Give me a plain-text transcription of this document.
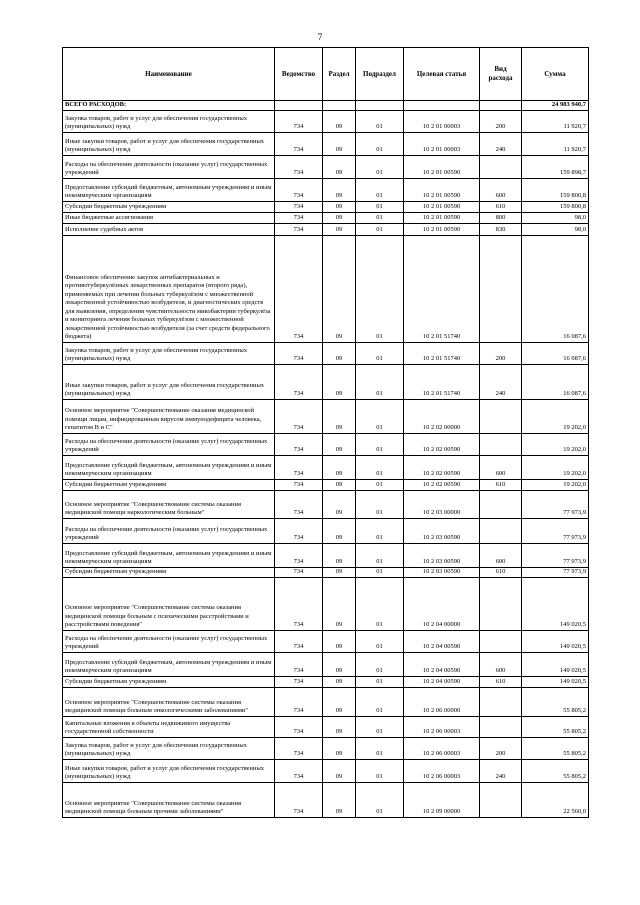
7
Наименование	Ведомство	Раздел	Подраздел	Целевая статья	Вид расхода	Сумма
ВСЕГО РАСХОДОВ:						24 983 940,7
Закупка товаров, работ и услуг для обеспечения государственных (муниципальных) нужд	734	09	01	10 2 01 00003	200	11 920,7
Иные закупки товаров, работ и услуг для обеспечения государственных (муниципальных) нужд	734	09	01	10 2 01 00003	240	11 920,7
Расходы на обеспечение деятельности (оказание услуг) государственных учреждений	734	09	01	10 2 01 00590		159 898,7
Предоставление субсидий бюджетным, автономным учреждениям и иным некоммерческим организациям	734	09	01	10 2 01 00590	600	159 800,8
Субсидии бюджетным учреждениям	734	09	01	10 2 01 00590	610	159 800,8
Иные бюджетные ассигнования	734	09	01	10 2 01 00590	800	98,0
Исполнение судебных актов	734	09	01	10 2 01 00590	830	98,0
Финансовое обеспечение закупок антибактериальных и противотуберкулёзных лекарственных препаратов (второго ряда), применяемых при лечении больных туберкулёзом с множественной лекарственной устойчивостью возбудителя, и диагностических средств для выявления, определения чувствительности микобактерии туберкулёза и мониторинга лечения больных туберкулёзом с множественной лекарственной устойчивостью возбудителя (за счет средств федерального бюджета)	734	09	01	10 2 01 51740		16 087,6
Закупка товаров, работ и услуг для обеспечения государственных (муниципальных) нужд	734	09	01	10 2 01 51740	200	16 087,6
Иные закупки товаров, работ и услуг для обеспечения государственных (муниципальных) нужд	734	09	01	10 2 01 51740	240	16 087,6
Основное мероприятие "Совершенствование оказания медицинской помощи лицам, инфицированным вирусом иммунодефицита человека, гепатитом B и C"	734	09	01	10 2 02 00000		19 202,0
Расходы на обеспечение деятельности (оказание услуг) государственных учреждений	734	09	01	10 2 02 00590		19 202,0
Предоставление субсидий бюджетным, автономным учреждениям и иным некоммерческим организациям	734	09	01	10 2 02 00590	600	19 202,0
Субсидии бюджетным учреждениям	734	09	01	10 2 02 00590	610	19 202,0
Основное мероприятие "Совершенствование системы оказания медицинской помощи наркологическим больным"	734	09	01	10 2 03 00000		77 973,9
Расходы на обеспечение деятельности (оказание услуг) государственных учреждений	734	09	01	10 2 03 00590		77 973,9
Предоставление субсидий бюджетным, автономным учреждениям и иным некоммерческим организациям	734	09	01	10 2 03 00590	600	77 973,9
Субсидии бюджетным учреждениям	734	09	01	10 2 03 00590	610	77 973,9
Основное мероприятие "Совершенствование системы оказания медицинской помощи больным с психическими расстройствами и расстройствами поведения"	734	09	01	10 2 04 00000		149 020,5
Расходы на обеспечение деятельности (оказание услуг) государственных учреждений	734	09	01	10 2 04 00590		149 020,5
Предоставление субсидий бюджетным, автономным учреждениям и иным некоммерческим организациям	734	09	01	10 2 04 00590	600	149 020,5
Субсидии бюджетным учреждениям	734	09	01	10 2 04 00590	610	149 020,5
Основное мероприятие "Совершенствование системы оказания медицинской помощи больным онкологическими заболеваниями"	734	09	01	10 2 06 00000		55 805,2
Капитальные вложения в объекты недвижимого имущества государственной собственности	734	09	01	10 2 06 00003		55 805,2
Закупка товаров, работ и услуг для обеспечения государственных (муниципальных) нужд	734	09	01	10 2 06 00003	200	55 805,2
Иные закупки товаров, работ и услуг для обеспечения государственных (муниципальных) нужд	734	09	01	10 2 06 00003	240	55 805,2
Основное мероприятие "Совершенствование системы оказания медицинской помощи больным прочими заболеваниями"	734	09	01	10 2 09 00000		22 560,0
